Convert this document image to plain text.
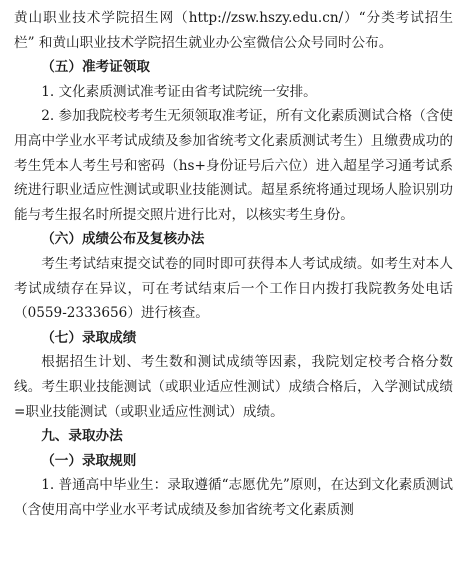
黄山职业技术学院招生网（http://zsw.hszy.edu.cn/）“分类考试招生栏” 和黄山职业技术学院招生就业办公室微信公众号同时公布。

（五）准考证领取

1. 文化素质测试准考证由省考试院统一安排。

2. 参加我院校考考生无须领取准考证，所有文化素质测试合格（含使用高中学业水平考试成绩及参加省统考文化素质测试考生）且缴费成功的考生凭本人考生号和密码（hs+身份证号后六位）进入超星学习通考试系统进行职业适应性测试或职业技能测试。超星系统将通过现场人脸识别功能与考生报名时所提交照片进行比对，以核实考生身份。

（六）成绩公布及复核办法

考生考试结束提交试卷的同时即可获得本人考试成绩。如考生对本人考试成绩存在异议，可在考试结束后一个工作日内拨打我院教务处电话（0559-2333656）进行核查。

（七）录取成绩

根据招生计划、考生数和测试成绩等因素，我院划定校考合格分数线。考生职业技能测试（或职业适应性测试）成绩合格后，入学测试成绩=职业技能测试（或职业适应性测试）成绩。

九、录取办法

（一）录取规则

1. 普通高中毕业生：录取遵循“志愿优先”原则，在达到文化素质测试（含使用高中学业水平考试成绩及参加省统考文化素质测
